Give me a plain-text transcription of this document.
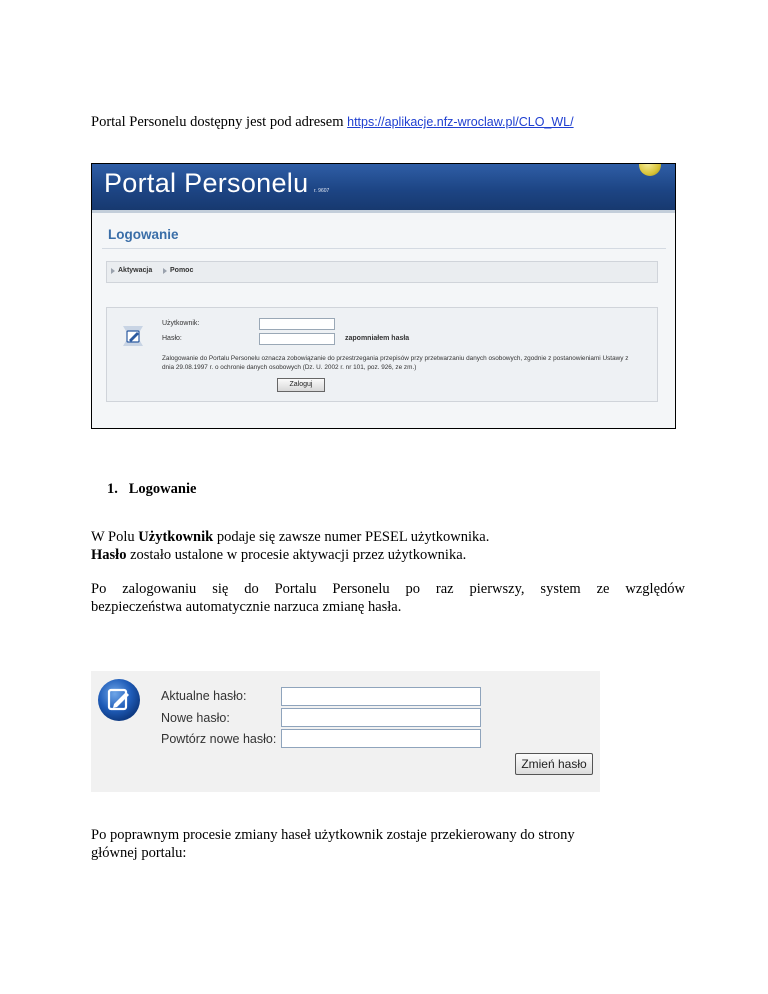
Portal Personelu dostępny jest pod adresem https://aplikacje.nfz-wroclaw.pl/CLO_WL/
Portal Personelu r. 9607
Logowanie
Aktywacja	Pomoc
Użytkownik:
Hasło:	zapomniałem hasła
Zalogowanie do Portalu Personelu oznacza zobowiązanie do przestrzegania przepisów przy przetwarzaniu danych osobowych, zgodnie z postanowieniami Ustawy z dnia 29.08.1997 r. o ochronie danych osobowych (Dz. U. 2002 r. nr 101, poz. 926, ze zm.)
Zaloguj
1. Logowanie
W Polu Użytkownik podaje się zawsze numer PESEL użytkownika.
Hasło zostało ustalone w procesie aktywacji przez użytkownika.
Po zalogowaniu się do Portalu Personelu po raz pierwszy, system ze względów
bezpieczeństwa automatycznie narzuca zmianę hasła.
Aktualne hasło:
Nowe hasło:
Powtórz nowe hasło:
Zmień hasło
Po poprawnym procesie zmiany haseł użytkownik zostaje przekierowany do strony
głównej portalu:
